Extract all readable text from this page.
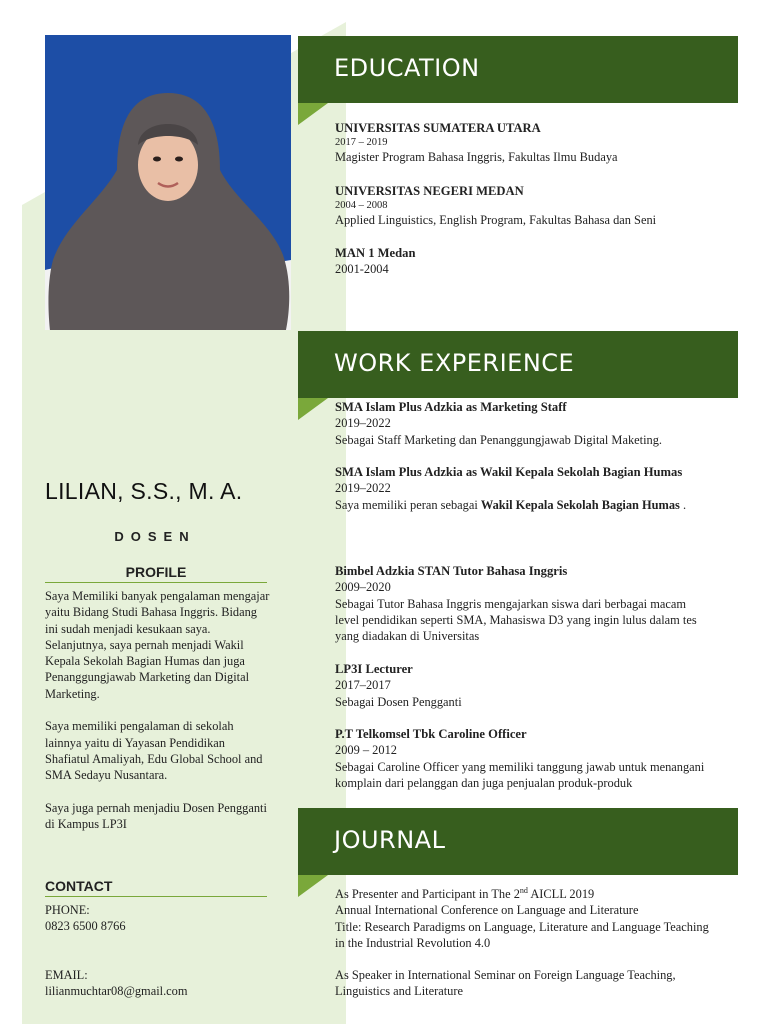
LILIAN, S.S., M. A.
DOSEN
PROFILE

Saya Memiliki banyak pengalaman mengajar yaitu Bidang Studi Bahasa Inggris. Bidang ini sudah menjadi kesukaan saya. Selanjutnya, saya pernah menjadi Wakil Kepala Sekolah Bagian Humas dan juga Penanggungjawab Marketing dan Digital Marketing.

Saya memiliki pengalaman di sekolah lainnya yaitu di Yayasan Pendidikan Shafiatul Amaliyah, Edu Global School and SMA Sedayu Nusantara.

Saya juga pernah menjadiu Dosen Pengganti di Kampus LP3I

CONTACT
PHONE:
0823 6500 8766
EMAIL:
lilianmuchtar08@gmail.com
EDUCATION
UNIVERSITAS SUMATERA UTARA
2017 – 2019
Magister Program Bahasa Inggris, Fakultas Ilmu Budaya
UNIVERSITAS NEGERI MEDAN
2004 – 2008
Applied Linguistics, English Program, Fakultas Bahasa dan Seni
MAN 1 Medan
2001-2004
WORK EXPERIENCE
SMA Islam Plus Adzkia as Marketing Staff
2019–2022
Sebagai Staff Marketing dan Penanggungjawab Digital Maketing.
SMA Islam Plus Adzkia as Wakil Kepala Sekolah Bagian Humas
2019–2022
Saya memiliki peran sebagai Wakil Kepala Sekolah Bagian Humas .
Bimbel Adzkia STAN Tutor Bahasa Inggris
2009–2020
Sebagai Tutor Bahasa Inggris mengajarkan siswa dari berbagai macam level pendidikan seperti SMA, Mahasiswa D3 yang ingin lulus dalam tes yang diadakan di Universitas
LP3I Lecturer
2017–2017
Sebagai Dosen Pengganti
P.T Telkomsel Tbk Caroline Officer
2009 – 2012
Sebagai Caroline Officer yang memiliki tanggung jawab untuk menangani komplain dari pelanggan dan juga penjualan produk-produk
JOURNAL
As Presenter and Participant in The 2nd AICLL 2019
Annual International Conference on Language and Literature
Title: Research Paradigms on Language, Literature and Language Teaching in the Industrial Revolution 4.0
As Speaker in International Seminar on Foreign Language Teaching, Linguistics and Literature
